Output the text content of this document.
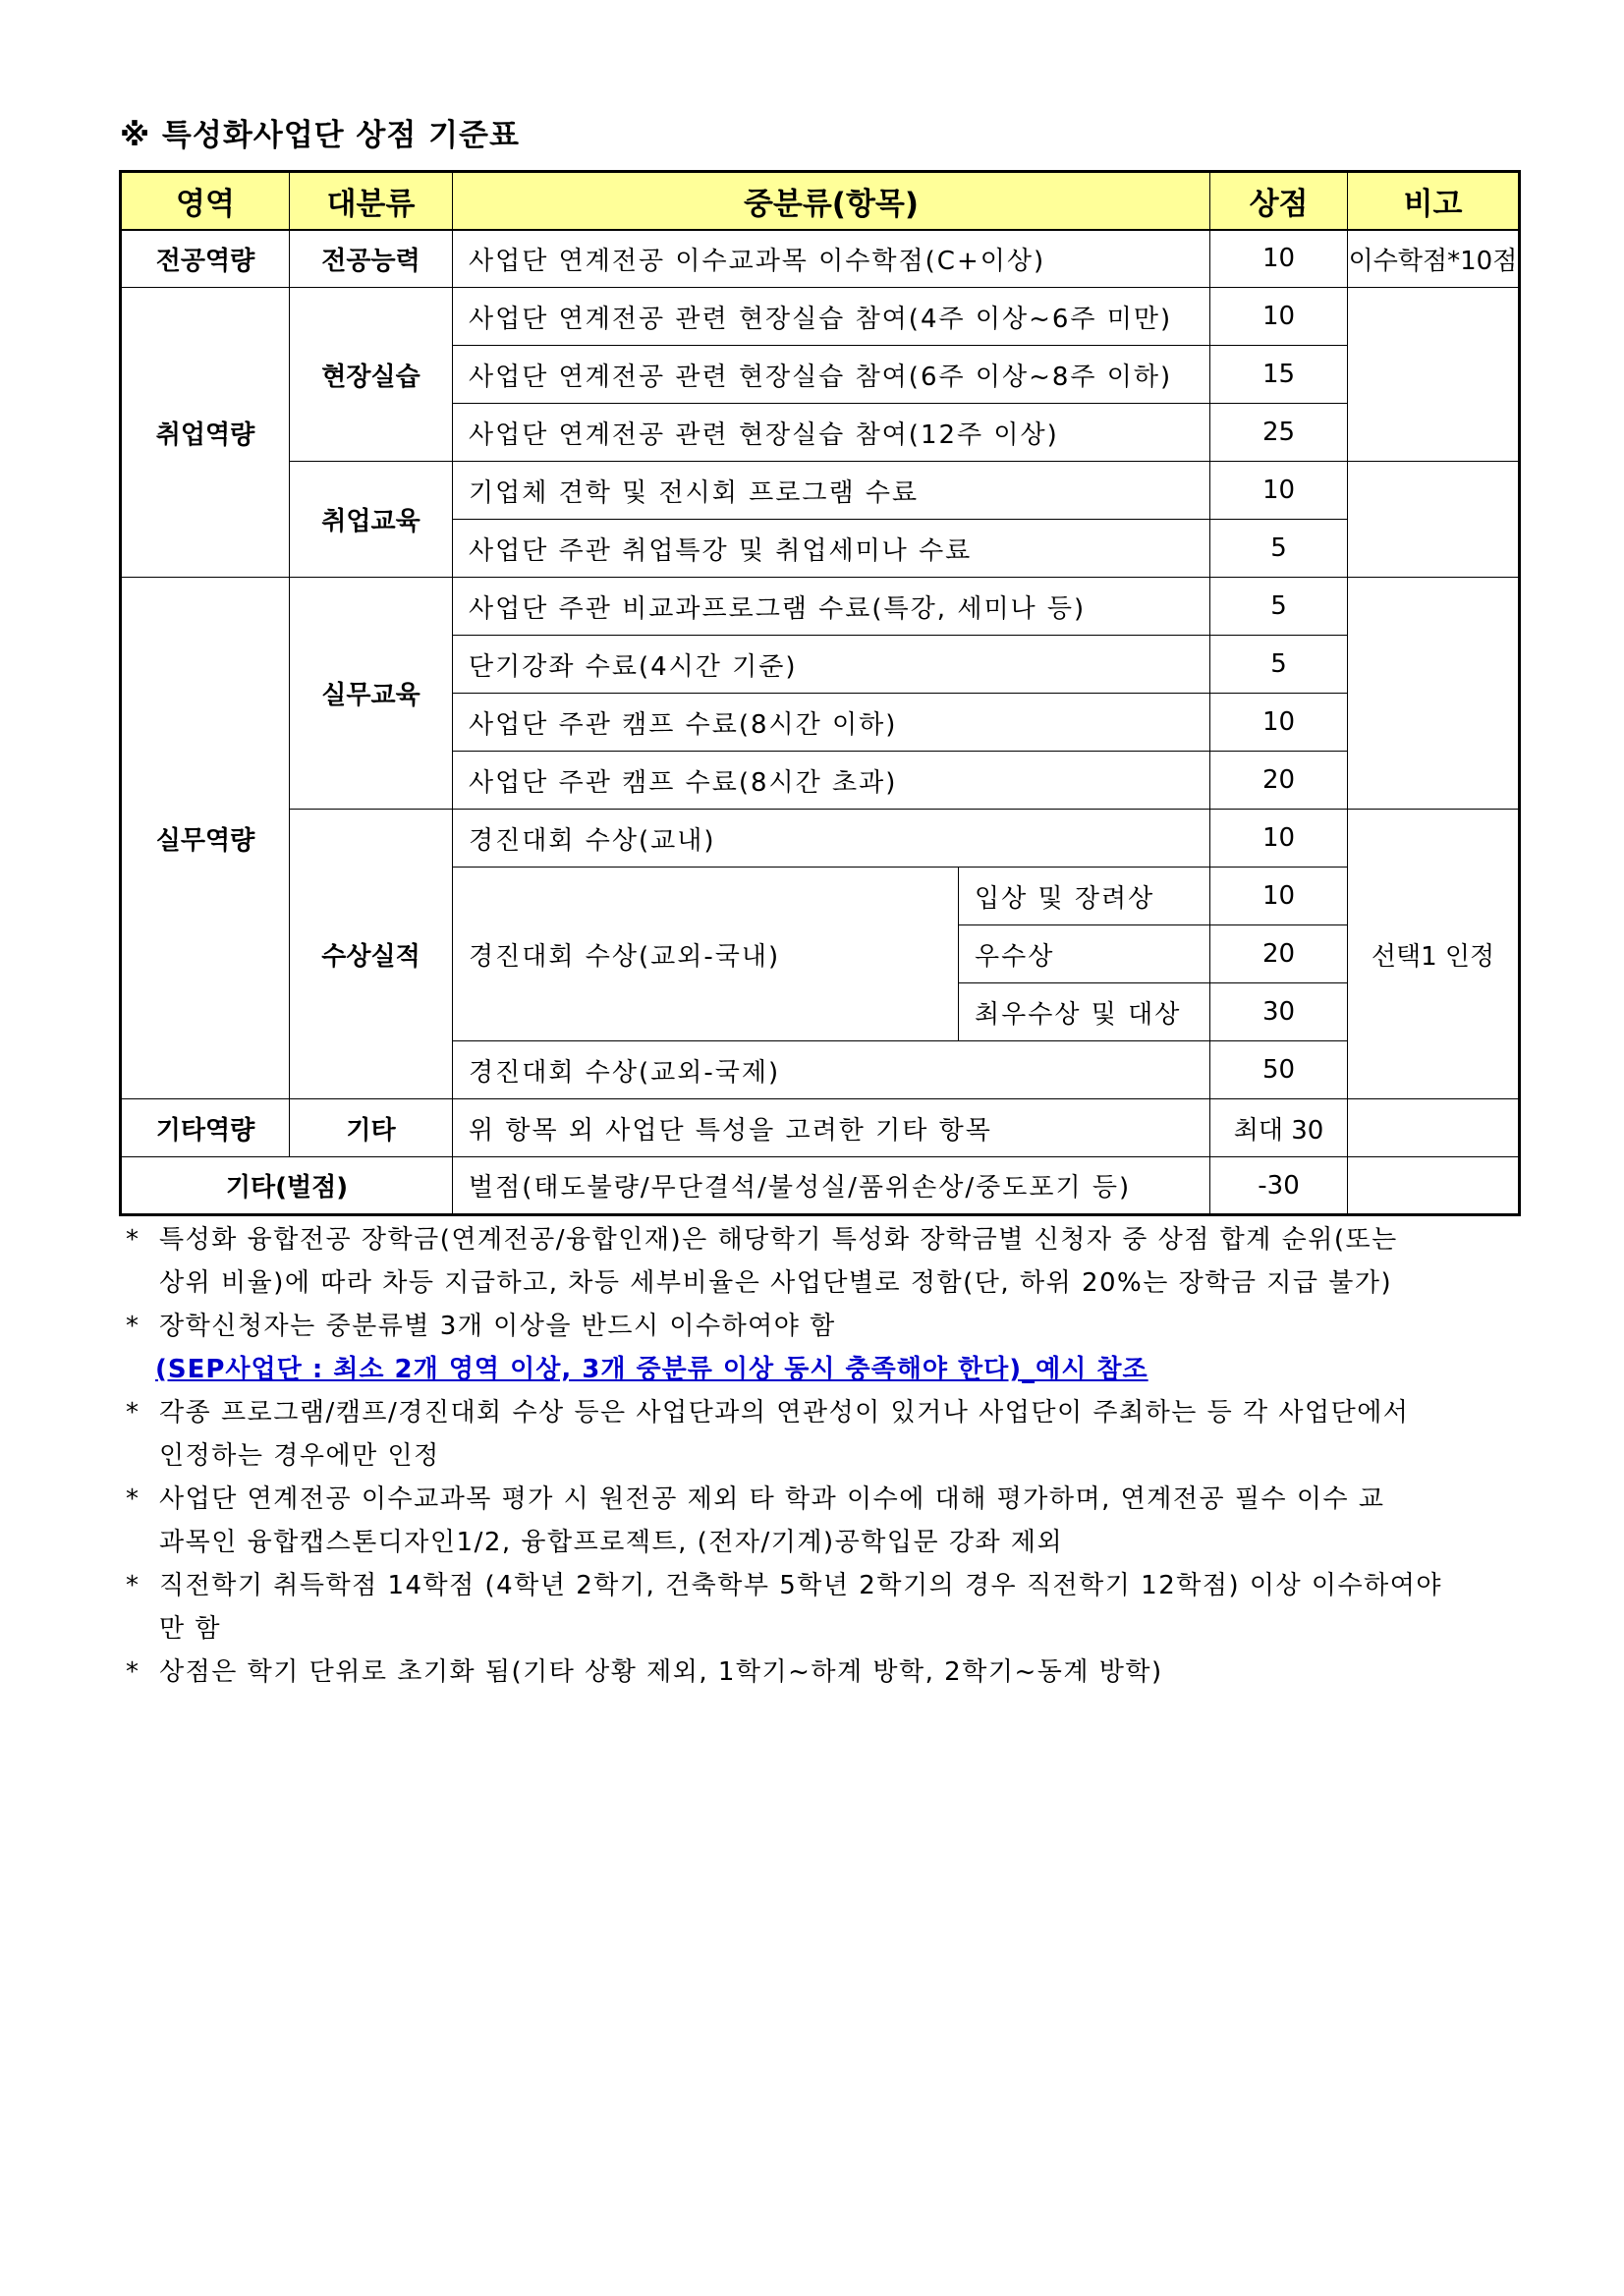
※ 특성화사업단 상점 기준표
영역	대분류	중분류(항목)		상점	비고
전공역량	전공능력	사업단 연계전공 이수교과목 이수학점(C+이상)		10	이수학점*10점
취업역량	현장실습	사업단 연계전공 관련 현장실습 참여(4주 이상~6주 미만)		10	
		사업단 연계전공 관련 현장실습 참여(6주 이상~8주 이하)		15	
		사업단 연계전공 관련 현장실습 참여(12주 이상)		25	
	취업교육	기업체 견학 및 전시회 프로그램 수료		10	
		사업단 주관 취업특강 및 취업세미나 수료		5	
실무역량	실무교육	사업단 주관 비교과프로그램 수료(특강, 세미나 등)		5	
		단기강좌 수료(4시간 기준)		5	
		사업단 주관 캠프 수료(8시간 이하)		10	
		사업단 주관 캠프 수료(8시간 초과)		20	
	수상실적	경진대회 수상(교내)		10	선택1 인정
		경진대회 수상(교외-국내)	입상 및 장려상	10	
			우수상	20	
			최우수상 및 대상	30	
		경진대회 수상(교외-국제)		50	
기타역량	기타	위 항목 외 사업단 특성을 고려한 기타 항목		최대 30	
기타(벌점)		벌점(태도불량/무단결석/불성실/품위손상/중도포기 등)		-30	
* 특성화 융합전공 장학금(연계전공/융합인재)은 해당학기 특성화 장학금별 신청자 중 상점 합계 순위(또는
상위 비율)에 따라 차등 지급하고, 차등 세부비율은 사업단별로 정함(단, 하위 20%는 장학금 지급 불가)
* 장학신청자는 중분류별 3개 이상을 반드시 이수하여야 함
(SEP사업단 : 최소 2개 영역 이상, 3개 중분류 이상 동시 충족해야 한다)_예시 참조
* 각종 프로그램/캠프/경진대회 수상 등은 사업단과의 연관성이 있거나 사업단이 주최하는 등 각 사업단에서
인정하는 경우에만 인정
* 사업단 연계전공 이수교과목 평가 시 원전공 제외 타 학과 이수에 대해 평가하며, 연계전공 필수 이수 교
과목인 융합캡스톤디자인1/2, 융합프로젝트, (전자/기계)공학입문 강좌 제외
* 직전학기 취득학점 14학점 (4학년 2학기, 건축학부 5학년 2학기의 경우 직전학기 12학점) 이상 이수하여야
만 함
* 상점은 학기 단위로 초기화 됨(기타 상황 제외, 1학기~하계 방학, 2학기~동계 방학)
